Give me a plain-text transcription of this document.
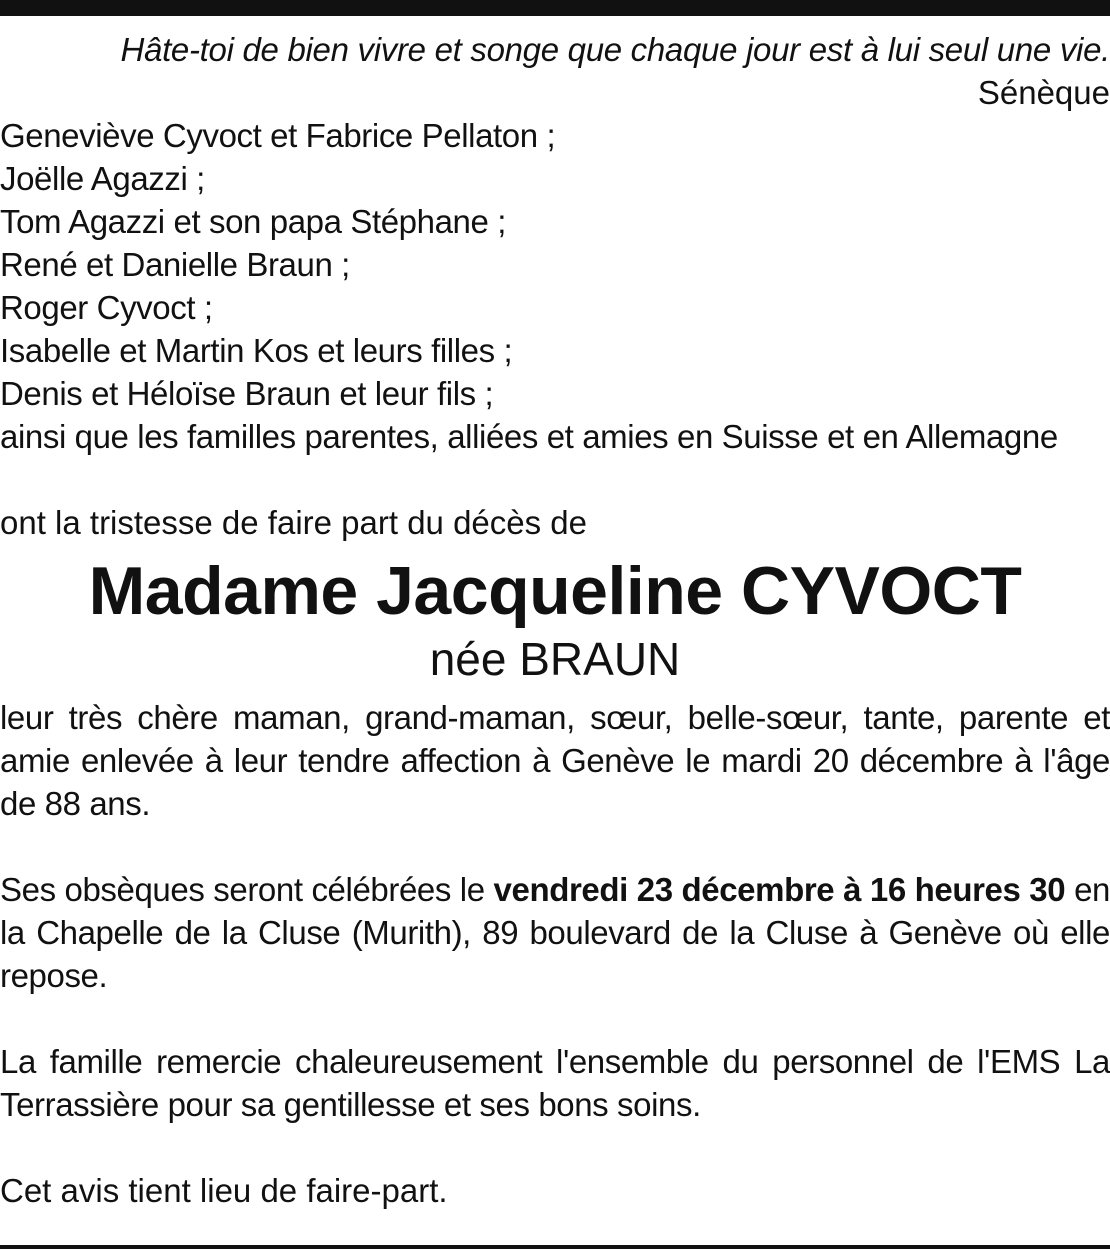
Hâte-toi de bien vivre et songe que chaque jour est à lui seul une vie.

Sénèque

Geneviève Cyvoct et Fabrice Pellaton ;
Joëlle Agazzi ;
Tom Agazzi et son papa Stéphane ;
René et Danielle Braun ;
Roger Cyvoct ;
Isabelle et Martin Kos et leurs filles ;
Denis et Héloïse Braun et leur fils ;
ainsi que les familles parentes, alliées et amies en Suisse et en Allemagne

ont la tristesse de faire part du décès de

Madame Jacqueline CYVOCT

née BRAUN

leur très chère maman, grand-maman, sœur, belle-sœur, tante, parente et amie enlevée à leur tendre affection à Genève le mardi 20 décembre à l'âge de 88 ans.

Ses obsèques seront célébrées le vendredi 23 décembre à 16 heures 30 en la Chapelle de la Cluse (Murith), 89 boulevard de la Cluse à Genève où elle repose.

La famille remercie chaleureusement l'ensemble du personnel de l'EMS La Terrassière pour sa gentillesse et ses bons soins.

Cet avis tient lieu de faire-part.
